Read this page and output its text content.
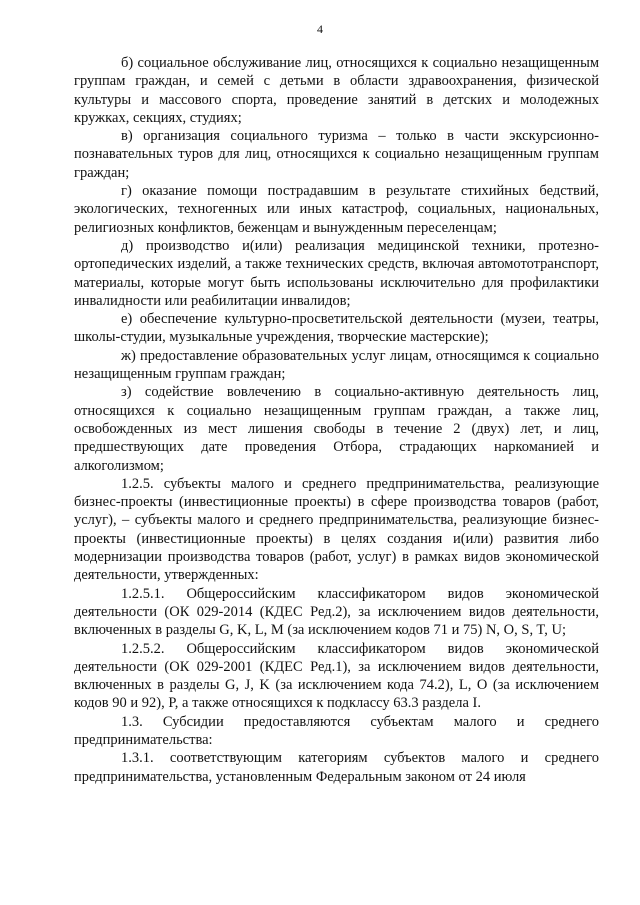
4

б) социальное обслуживание лиц, относящихся к социально незащищенным группам граждан, и семей с детьми в области здравоохранения, физической культуры и массового спорта, проведение занятий в детских и молодежных кружках, секциях, студиях;

в) организация социального туризма – только в части экскурсионно-познавательных туров для лиц, относящихся к социально незащищенным группам граждан;

г) оказание помощи пострадавшим в результате стихийных бедствий, экологических, техногенных или иных катастроф, социальных, национальных, религиозных конфликтов, беженцам и вынужденным переселенцам;

д) производство и(или) реализация медицинской техники, протезно-ортопедических изделий, а также технических средств, включая автомототранспорт, материалы, которые могут быть использованы исключительно для профилактики инвалидности или реабилитации инвалидов;

е) обеспечение культурно-просветительской деятельности (музеи, театры, школы-студии, музыкальные учреждения, творческие мастерские);

ж) предоставление образовательных услуг лицам, относящимся к социально незащищенным группам граждан;

з) содействие вовлечению в социально-активную деятельность лиц, относящихся к социально незащищенным группам граждан, а также лиц, освобожденных из мест лишения свободы в течение 2 (двух) лет, и лиц, предшествующих дате проведения Отбора, страдающих наркоманией и алкоголизмом;

1.2.5. субъекты малого и среднего предпринимательства, реализующие бизнес-проекты (инвестиционные проекты) в сфере производства товаров (работ, услуг), – субъекты малого и среднего предпринимательства, реализующие бизнес-проекты (инвестиционные проекты) в целях создания и(или) развития либо модернизации производства товаров (работ, услуг) в рамках видов экономической деятельности, утвержденных:

1.2.5.1. Общероссийским классификатором видов экономической деятельности (ОК 029-2014 (КДЕС Ред.2), за исключением видов деятельности, включенных в разделы G, K, L, M (за исключением кодов 71 и 75) N, O, S, T, U;

1.2.5.2. Общероссийским классификатором видов экономической деятельности (ОК 029-2001 (КДЕС Ред.1), за исключением видов деятельности, включенных в разделы G, J, K (за исключением кода 74.2), L, O (за исключением кодов 90 и 92), P, а также относящихся к подклассу 63.3 раздела I.

1.3. Субсидии предоставляются субъектам малого и среднего предпринимательства:

1.3.1. соответствующим категориям субъектов малого и среднего предпринимательства, установленным Федеральным законом от 24 июля
